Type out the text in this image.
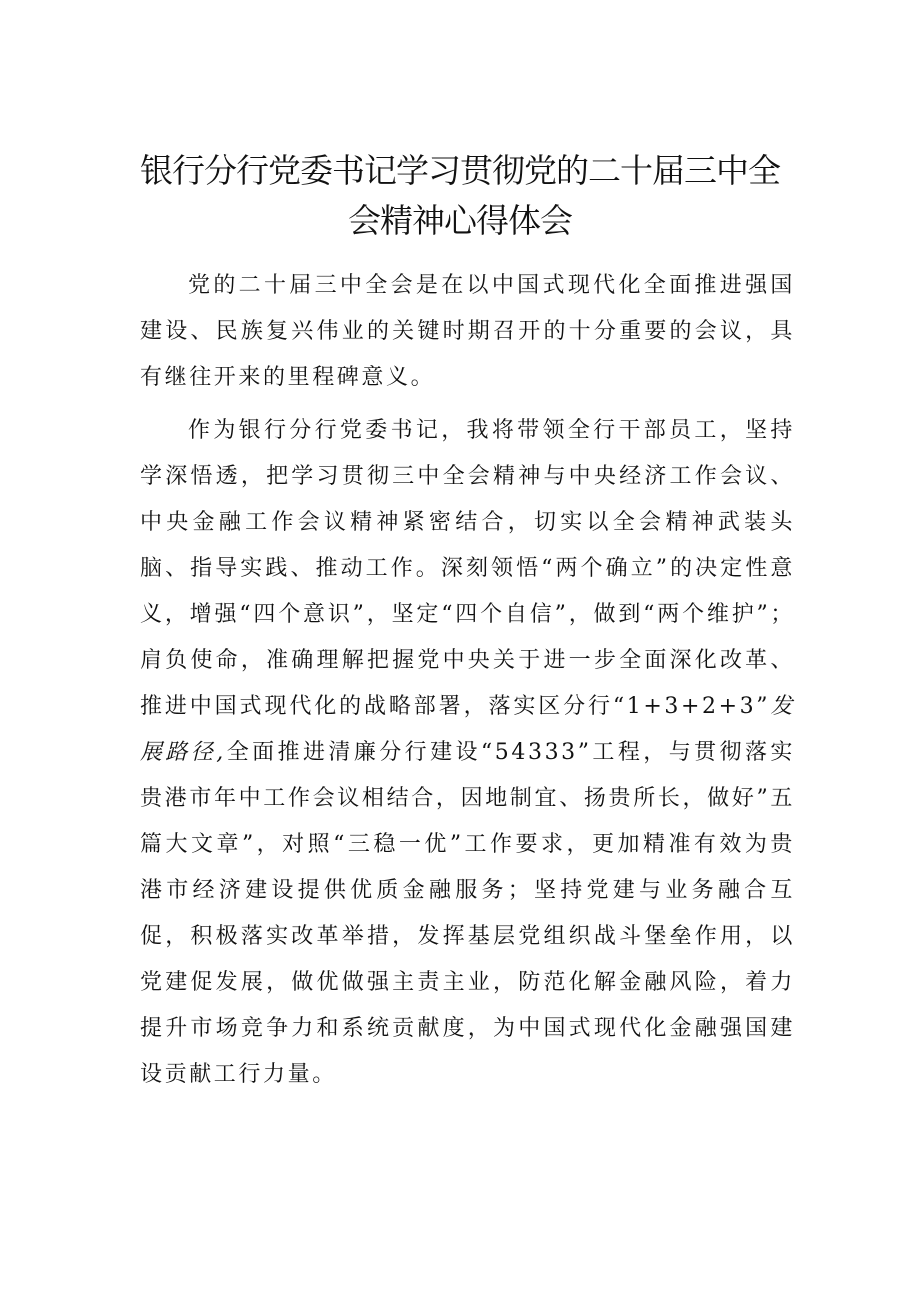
银行分行党委书记学习贯彻党的二十届三中全
会精神心得体会

党的二十届三中全会是在以中国式现代化全面推进强国建设、民族复兴伟业的关键时期召开的十分重要的会议，具有继往开来的里程碑意义。

作为银行分行党委书记，我将带领全行干部员工，坚持学深悟透，把学习贯彻三中全会精神与中央经济工作会议、中央金融工作会议精神紧密结合，切实以全会精神武装头脑、指导实践、推动工作。深刻领悟“两个确立”的决定性意义，增强“四个意识”，坚定“四个自信”，做到“两个维护”；肩负使命，准确理解把握党中央关于进一步全面深化改革、推进中国式现代化的战略部署，落实区分行“1+3+2+3”发展路径,全面推进清廉分行建设“54333”工程，与贯彻落实贵港市年中工作会议相结合，因地制宜、扬贵所长，做好”五篇大文章”，对照“三稳一优”工作要求，更加精准有效为贵港市经济建设提供优质金融服务；坚持党建与业务融合互促，积极落实改革举措，发挥基层党组织战斗堡垒作用，以党建促发展，做优做强主责主业，防范化解金融风险，着力提升市场竞争力和系统贡献度，为中国式现代化金融强国建设贡献工行力量。
